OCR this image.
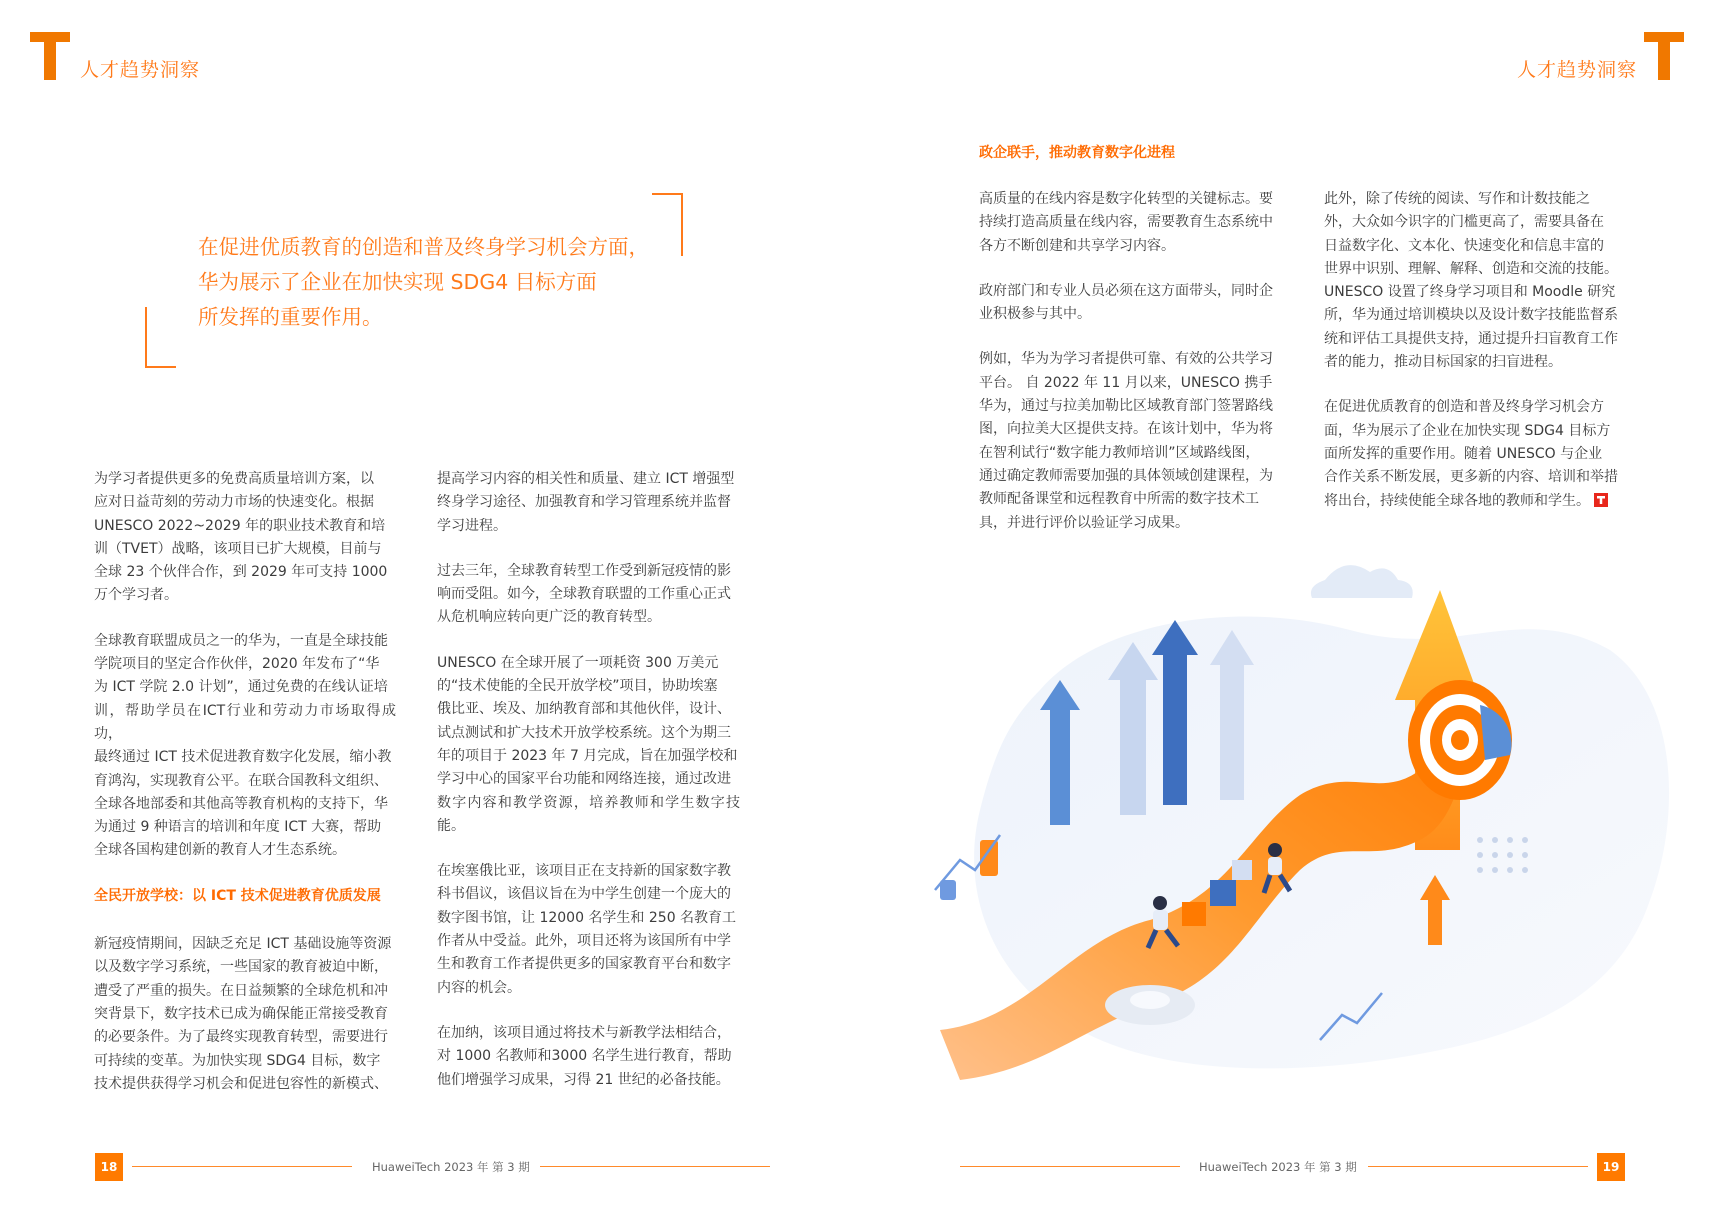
人才趋势洞察	人才趋势洞察
在促进优质教育的创造和普及终身学习机会方面，
华为展示了企业在加快实现 SDG4 目标方面
所发挥的重要作用。

为学习者提供更多的免费高质量培训方案，以
应对日益苛刻的劳动力市场的快速变化。根据
UNESCO 2022~2029 年的职业技术教育和培
训（TVET）战略，该项目已扩大规模，目前与
全球 23 个伙伴合作，到 2029 年可支持 1000
万个学习者。

全球教育联盟成员之一的华为，一直是全球技能
学院项目的坚定合作伙伴，2020 年发布了“华
为 ICT 学院 2.0 计划”，通过免费的在线认证培
训，帮助学员在ICT行业和劳动力市场取得成功，
最终通过 ICT 技术促进教育数字化发展，缩小教
育鸿沟，实现教育公平。在联合国教科文组织、
全球各地部委和其他高等教育机构的支持下，华
为通过 9 种语言的培训和年度 ICT 大赛，帮助
全球各国构建创新的教育人才生态系统。

全民开放学校：以 ICT 技术促进教育优质发展

新冠疫情期间，因缺乏充足 ICT 基础设施等资源
以及数字学习系统，一些国家的教育被迫中断，
遭受了严重的损失。在日益频繁的全球危机和冲
突背景下，数字技术已成为确保能正常接受教育
的必要条件。为了最终实现教育转型，需要进行
可持续的变革。为加快实现 SDG4 目标，数字
技术提供获得学习机会和促进包容性的新模式、

提高学习内容的相关性和质量、建立 ICT 增强型
终身学习途径、加强教育和学习管理系统并监督
学习进程。

过去三年，全球教育转型工作受到新冠疫情的影
响而受阻。如今，全球教育联盟的工作重心正式
从危机响应转向更广泛的教育转型。

UNESCO 在全球开展了一项耗资 300 万美元
的“技术使能的全民开放学校”项目，协助埃塞
俄比亚、埃及、加纳教育部和其他伙伴，设计、
试点测试和扩大技术开放学校系统。这个为期三
年的项目于 2023 年 7 月完成，旨在加强学校和
学习中心的国家平台功能和网络连接，通过改进
数字内容和教学资源，培养教师和学生数字技能。

在埃塞俄比亚，该项目正在支持新的国家数字教
科书倡议，该倡议旨在为中学生创建一个庞大的
数字图书馆，让 12000 名学生和 250 名教育工
作者从中受益。此外，项目还将为该国所有中学
生和教育工作者提供更多的国家教育平台和数字
内容的机会。

在加纳，该项目通过将技术与新教学法相结合，
对 1000 名教师和3000 名学生进行教育，帮助
他们增强学习成果，习得 21 世纪的必备技能。

政企联手，推动教育数字化进程

高质量的在线内容是数字化转型的关键标志。要
持续打造高质量在线内容，需要教育生态系统中
各方不断创建和共享学习内容。

政府部门和专业人员必须在这方面带头，同时企
业积极参与其中。

例如，华为为学习者提供可靠、有效的公共学习
平台。 自 2022 年 11 月以来，UNESCO 携手
华为，通过与拉美加勒比区域教育部门签署路线
图，向拉美大区提供支持。在该计划中，华为将
在智利试行“数字能力教师培训”区域路线图，
通过确定教师需要加强的具体领域创建课程，为
教师配备课堂和远程教育中所需的数字技术工
具，并进行评价以验证学习成果。

此外，除了传统的阅读、写作和计数技能之
外，大众如今识字的门槛更高了，需要具备在
日益数字化、文本化、快速变化和信息丰富的
世界中识别、理解、解释、创造和交流的技能。
UNESCO 设置了终身学习项目和 Moodle 研究
所，华为通过培训模块以及设计数字技能监督系
统和评估工具提供支持，通过提升扫盲教育工作
者的能力，推动目标国家的扫盲进程。

在促进优质教育的创造和普及终身学习机会方
面，华为展示了企业在加快实现 SDG4 目标方
面所发挥的重要作用。随着 UNESCO 与企业
合作关系不断发展，更多新的内容、培训和举措
将出台，持续使能全球各地的教师和学生。

18	HuaweiTech 2023 年 第 3 期	HuaweiTech 2023 年 第 3 期	19
